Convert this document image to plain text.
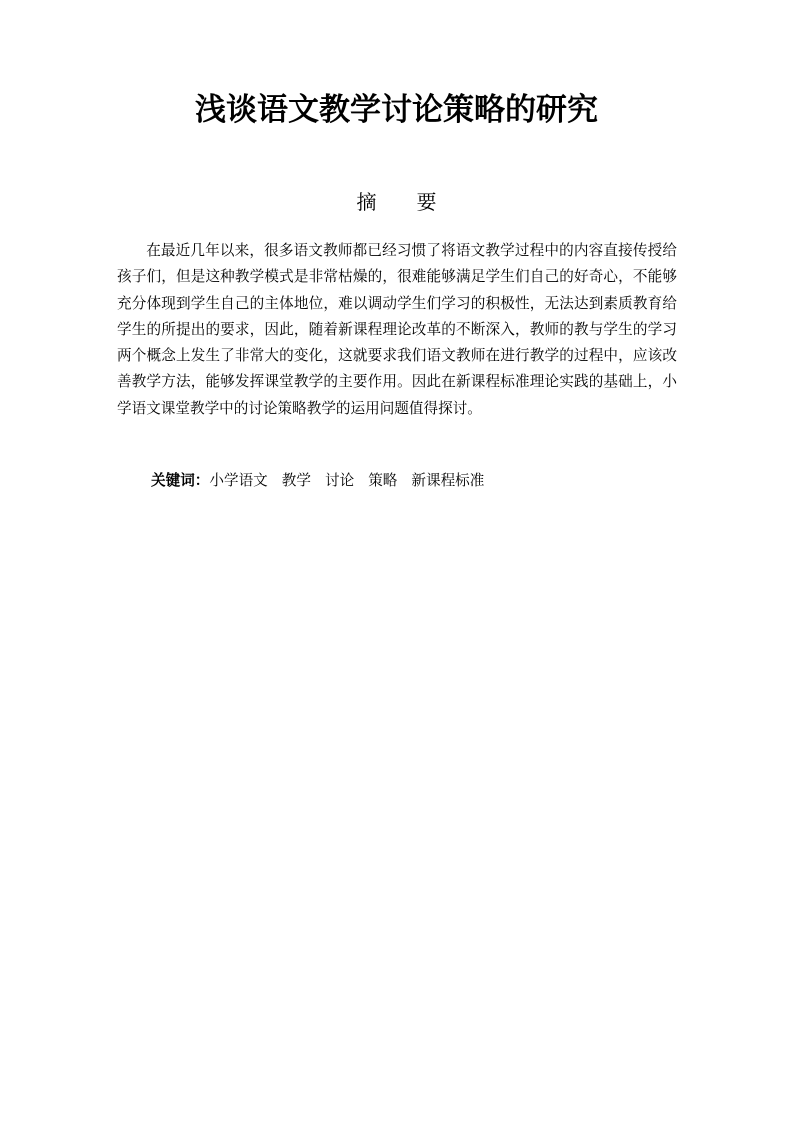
浅谈语文教学讨论策略的研究
摘 要

在最近几年以来，很多语文教师都已经习惯了将语文教学过程中的内容直接传授给孩子们，但是这种教学模式是非常枯燥的，很难能够满足学生们自己的好奇心，不能够充分体现到学生自己的主体地位，难以调动学生们学习的积极性，无法达到素质教育给学生的所提出的要求，因此，随着新课程理论改革的不断深入，教师的教与学生的学习两个概念上发生了非常大的变化，这就要求我们语文教师在进行教学的过程中，应该改善教学方法，能够发挥课堂教学的主要作用。因此在新课程标准理论实践的基础上，小学语文课堂教学中的讨论策略教学的运用问题值得探讨。

关键词：小学语文 教学 讨论 策略 新课程标准
